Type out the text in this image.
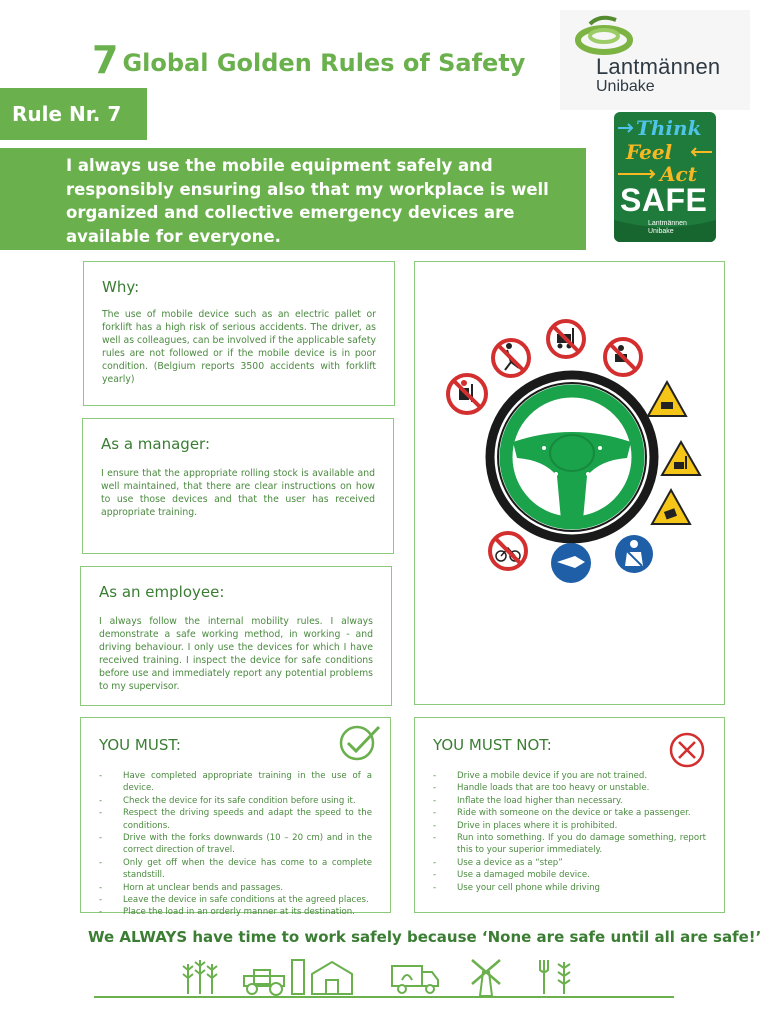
7 Global Golden Rules of Safety	Lantmännen
Unibake
Rule Nr. 7
I always use the mobile equipment safely and responsibly ensuring also that my workplace is well organized and collective emergency devices are available for everyone.
Think
Feel
Act
SAFE
Lantmännen
Unibake
Why:

The use of mobile device such as an electric pallet or forklift has a high risk of serious accidents. The driver, as well as colleagues, can be involved if the applicable safety rules are not followed or if the mobile device is in poor condition. (Belgium reports 3500 accidents with forklift yearly)

As a manager:

I ensure that the appropriate rolling stock is available and well maintained, that there are clear instructions on how to use those devices and that the user has received appropriate training.

As an employee:

I always follow the internal mobility rules. I always demonstrate a safe working method, in working - and driving behaviour. I only use the devices for which I have received training. I inspect the device for safe conditions before use and immediately report any potential problems to my supervisor.

YOU MUST:
- Have completed appropriate training in the use of a device.
- Check the device for its safe condition before using it.
- Respect the driving speeds and adapt the speed to the conditions.
- Drive with the forks downwards (10 – 20 cm) and in the correct direction of travel.
- Only get off when the device has come to a complete standstill.
- Horn at unclear bends and passages.
- Leave the device in safe conditions at the agreed places.
- Place the load in an orderly manner at its destination.
YOU MUST NOT:
- Drive a mobile device if you are not trained.
- Handle loads that are too heavy or unstable.
- Inflate the load higher than necessary.
- Ride with someone on the device or take a passenger.
- Drive in places where it is prohibited.
- Run into something. If you do damage something, report this to your superior immediately.
- Use a device as a “step”
- Use a damaged mobile device.
- Use your cell phone while driving
We ALWAYS have time to work safely because ‘None are safe until all are safe!’
